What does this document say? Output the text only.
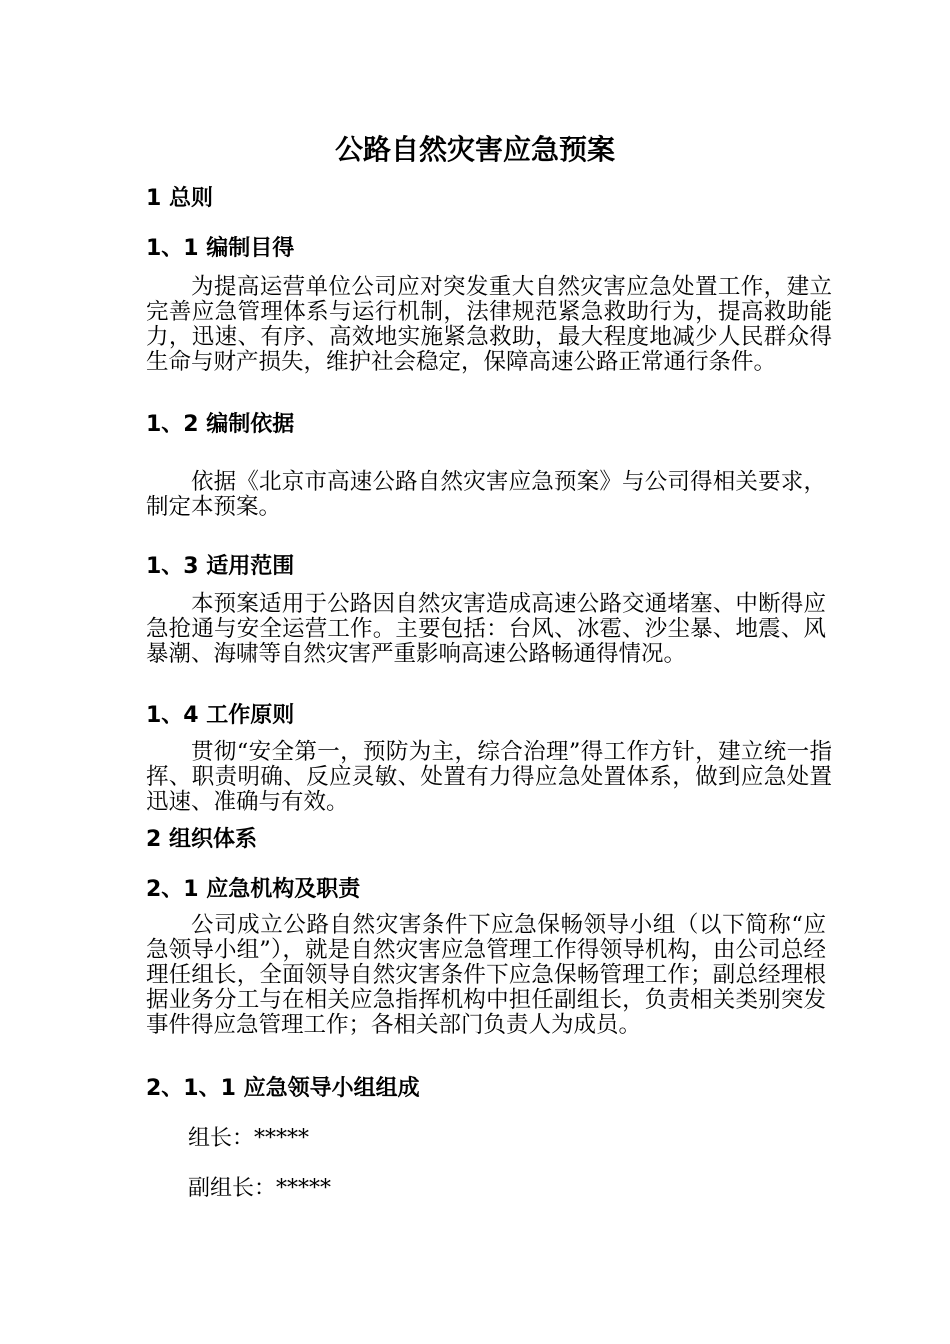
公路自然灾害应急预案
1 总则
1、1 编制目得

为提高运营单位公司应对突发重大自然灾害应急处置工作，建立完善应急管理体系与运行机制，法律规范紧急救助行为，提高救助能力，迅速、有序、高效地实施紧急救助，最大程度地减少人民群众得生命与财产损失，维护社会稳定，保障高速公路正常通行条件。

1、2 编制依据

依据《北京市高速公路自然灾害应急预案》与公司得相关要求，制定本预案。

1、3 适用范围

本预案适用于公路因自然灾害造成高速公路交通堵塞、中断得应急抢通与安全运营工作。主要包括：台风、冰雹、沙尘暴、地震、风暴潮、海啸等自然灾害严重影响高速公路畅通得情况。

1、4 工作原则

贯彻“安全第一，预防为主，综合治理”得工作方针，建立统一指挥、职责明确、反应灵敏、处置有力得应急处置体系，做到应急处置迅速、准确与有效。

2 组织体系
2、1 应急机构及职责

公司成立公路自然灾害条件下应急保畅领导小组（以下简称“应急领导小组”），就是自然灾害应急管理工作得领导机构，由公司总经理任组长，全面领导自然灾害条件下应急保畅管理工作；副总经理根据业务分工与在相关应急指挥机构中担任副组长，负责相关类别突发事件得应急管理工作；各相关部门负责人为成员。

2、1、1 应急领导小组组成

组长：*****

副组长：*****
